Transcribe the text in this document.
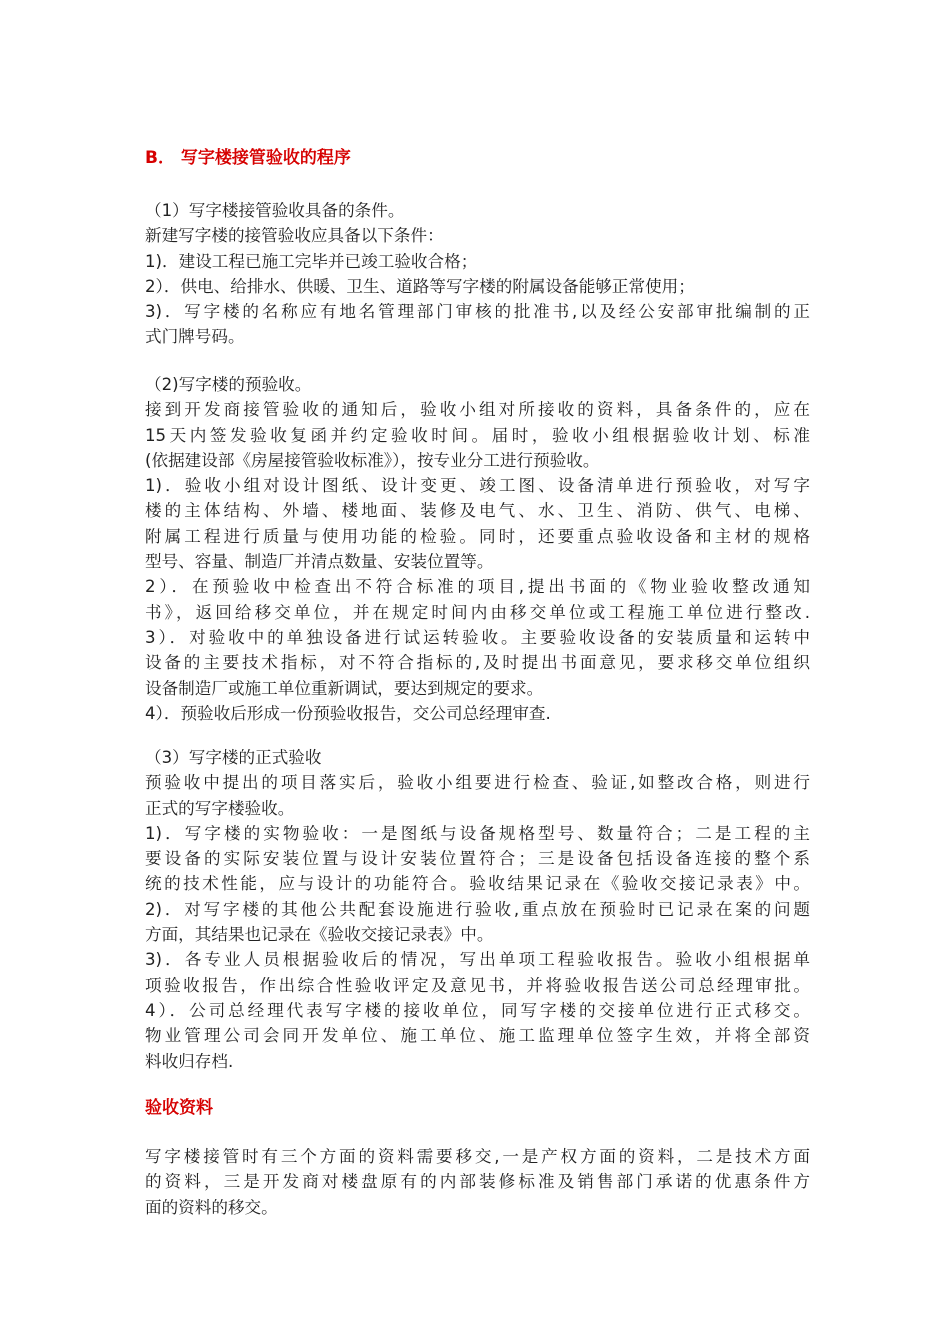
B． 写字楼接管验收的程序
（1）写字楼接管验收具备的条件。
新建写字楼的接管验收应具备以下条件：
1)．建设工程已施工完毕并已竣工验收合格；
2）．供电、给排水、供暖、卫生、道路等写字楼的附属设备能够正常使用；
3)．写字楼的名称应有地名管理部门审核的批准书,以及经公安部审批编制的正
式门牌号码。
（2)写字楼的预验收。
接到开发商接管验收的通知后，验收小组对所接收的资料，具备条件的，应在
15天内签发验收复函并约定验收时间。届时，验收小组根据验收计划、标准
(依据建设部《房屋接管验收标准》），按专业分工进行预验收。
1)．验收小组对设计图纸、设计变更、竣工图、设备清单进行预验收，对写字
楼的主体结构、外墙、楼地面、装修及电气、水、卫生、消防、供气、电梯、
附属工程进行质量与使用功能的检验。同时，还要重点验收设备和主材的规格
型号、容量、制造厂并清点数量、安装位置等。
2）．在预验收中检查出不符合标准的项目,提出书面的《物业验收整改通知
书》，返回给移交单位，并在规定时间内由移交单位或工程施工单位进行整改.
3）．对验收中的单独设备进行试运转验收。主要验收设备的安装质量和运转中
设备的主要技术指标，对不符合指标的,及时提出书面意见，要求移交单位组织
设备制造厂或施工单位重新调试，要达到规定的要求。
4）．预验收后形成一份预验收报告，交公司总经理审查.
（3）写字楼的正式验收
预验收中提出的项目落实后，验收小组要进行检查、验证,如整改合格，则进行
正式的写字楼验收。
1)．写字楼的实物验收：一是图纸与设备规格型号、数量符合；二是工程的主
要设备的实际安装位置与设计安装位置符合；三是设备包括设备连接的整个系
统的技术性能，应与设计的功能符合。验收结果记录在《验收交接记录表》中。
2)．对写字楼的其他公共配套设施进行验收,重点放在预验时已记录在案的问题
方面，其结果也记录在《验收交接记录表》中。
3)．各专业人员根据验收后的情况，写出单项工程验收报告。验收小组根据单
项验收报告，作出综合性验收评定及意见书，并将验收报告送公司总经理审批。
4）．公司总经理代表写字楼的接收单位，同写字楼的交接单位进行正式移交。
物业管理公司会同开发单位、施工单位、施工监理单位签字生效，并将全部资
料收归存档.
验收资料
写字楼接管时有三个方面的资料需要移交,一是产权方面的资料，二是技术方面
的资料，三是开发商对楼盘原有的内部装修标准及销售部门承诺的优惠条件方
面的资料的移交。
